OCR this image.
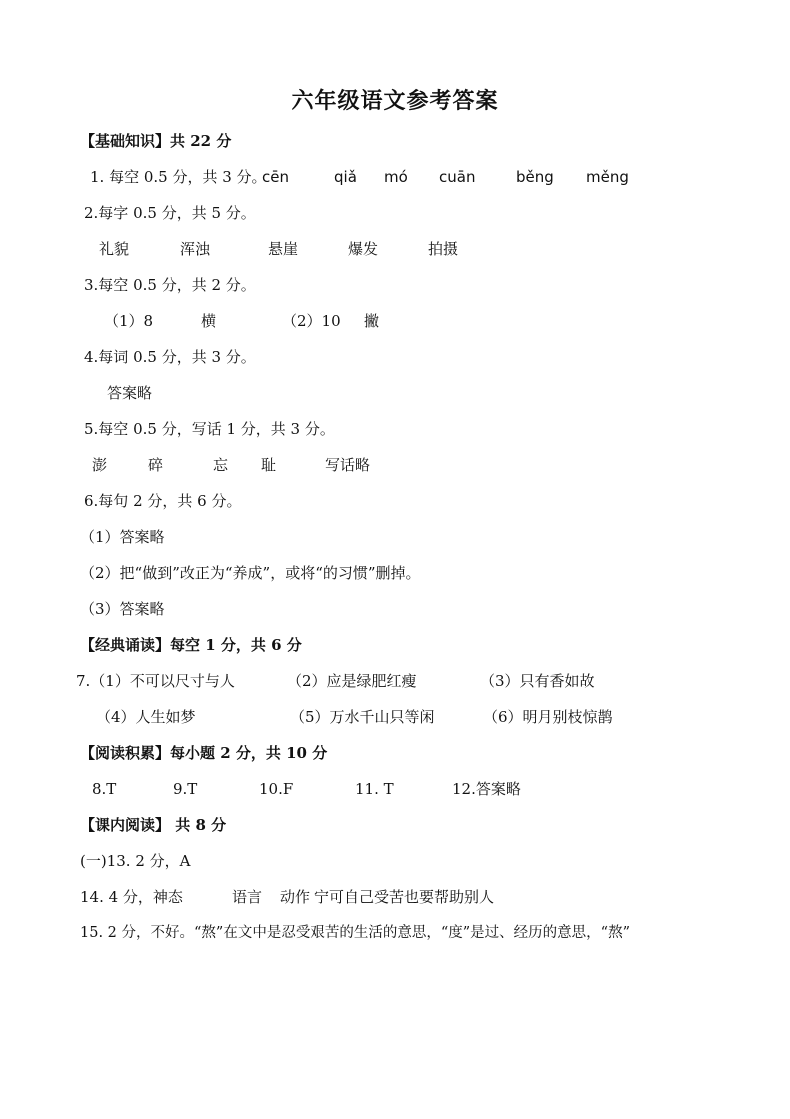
六年级语文参考答案
【基础知识】共 22 分
1. 每空 0.5 分，共 3 分。
cēn	qiǎ mó cuān	běng měng
2.每字 0.5 分，共 5 分。
礼貌	浑浊	悬崖	爆发	拍摄
3.每空 0.5 分，共 2 分。
（1）8	横	（2）10 撇
4.每词 0.5 分，共 3 分。
答案略
5.每空 0.5 分，写话 1 分，共 3 分。
澎	碎	忘 耻	写话略
6.每句 2 分，共 6 分。
（1）答案略
（2）把“做到”改正为“养成”，或将“的习惯”删掉。
（3）答案略
【经典诵读】每空 1 分，共 6 分
7.（1）不可以尺寸与人	（2）应是绿肥红瘦	（3）只有香如故
（4）人生如梦	（5）万水千山只等闲	（6）明月别枝惊鹊
【阅读积累】每小题 2 分，共 10 分
8.T	9.T	10.F	11. T	12.答案略
【课内阅读】 共 8 分
(一)13. 2 分，A
14. 4 分，神态	语言 动作 宁可自己受苦也要帮助别人
15. 2 分，不好。“熬”在文中是忍受艰苦的生活的意思，“度”是过、经历的意思，“熬”
